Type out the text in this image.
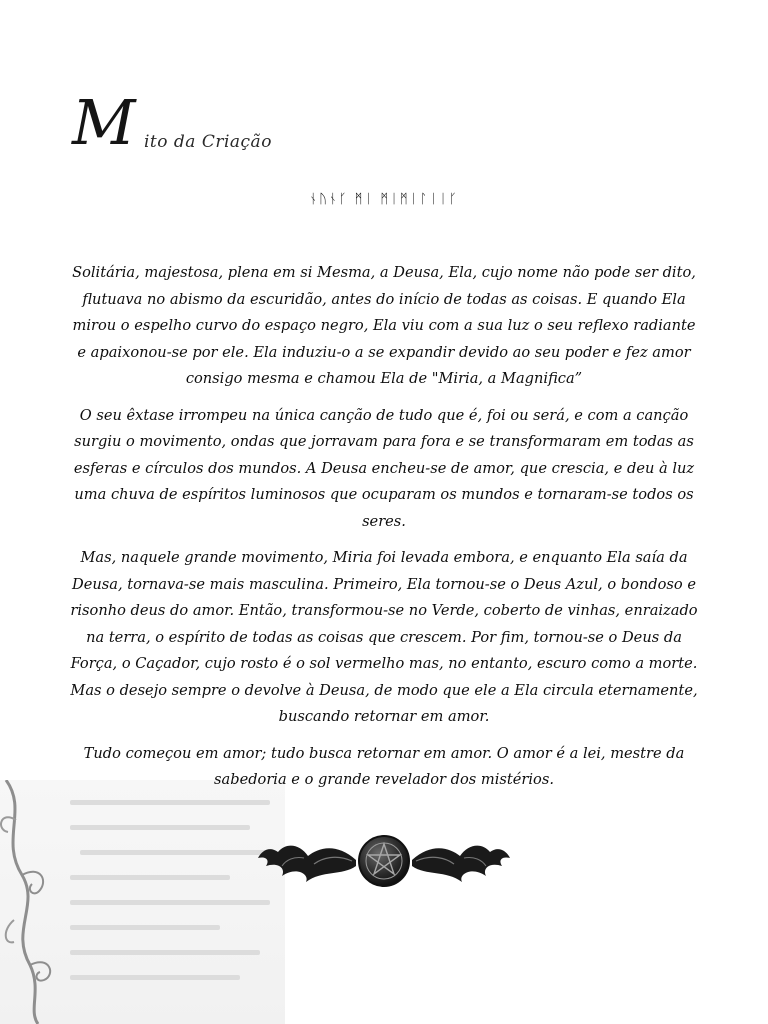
M ito da Criação
ᚾᚢᚾᚴ ᛗᛁ ᛗᛁᛗᛁᛚᛁᛁᚴ

Solitária, majestosa, plena em si Mesma, a Deusa, Ela, cujo nome não pode ser dito, flutuava no abismo da escuridão, antes do início de todas as coisas. E quando Ela mirou o espelho curvo do espaço negro, Ela viu com a sua luz o seu reflexo radiante e apaixonou-se por ele. Ela induziu-o a se expandir devido ao seu poder e fez amor consigo mesma e chamou Ela de "Miria, a Magnifica”

O seu êxtase irrompeu na única canção de tudo que é, foi ou será, e com a canção surgiu o movimento, ondas que jorravam para fora e se transformaram em todas as esferas e círculos dos mundos. A Deusa encheu-se de amor, que crescia, e deu à luz uma chuva de espíritos luminosos que ocuparam os mundos e tornaram-se todos os seres.

Mas, naquele grande movimento, Miria foi levada embora, e enquanto Ela saía da Deusa, tornava-se mais masculina. Primeiro, Ela tornou-se o Deus Azul, o bondoso e risonho deus do amor. Então, transformou-se no Verde, coberto de vinhas, enraizado na terra, o espírito de todas as coisas que crescem. Por fim, tornou-se o Deus da Força, o Caçador, cujo rosto é o sol vermelho mas, no entanto, escuro como a morte. Mas o desejo sempre o devolve à Deusa, de modo que ele a Ela circula eternamente, buscando retornar em amor.

Tudo começou em amor; tudo busca retornar em amor. O amor é a lei, mestre da sabedoria e o grande revelador dos mistérios.
